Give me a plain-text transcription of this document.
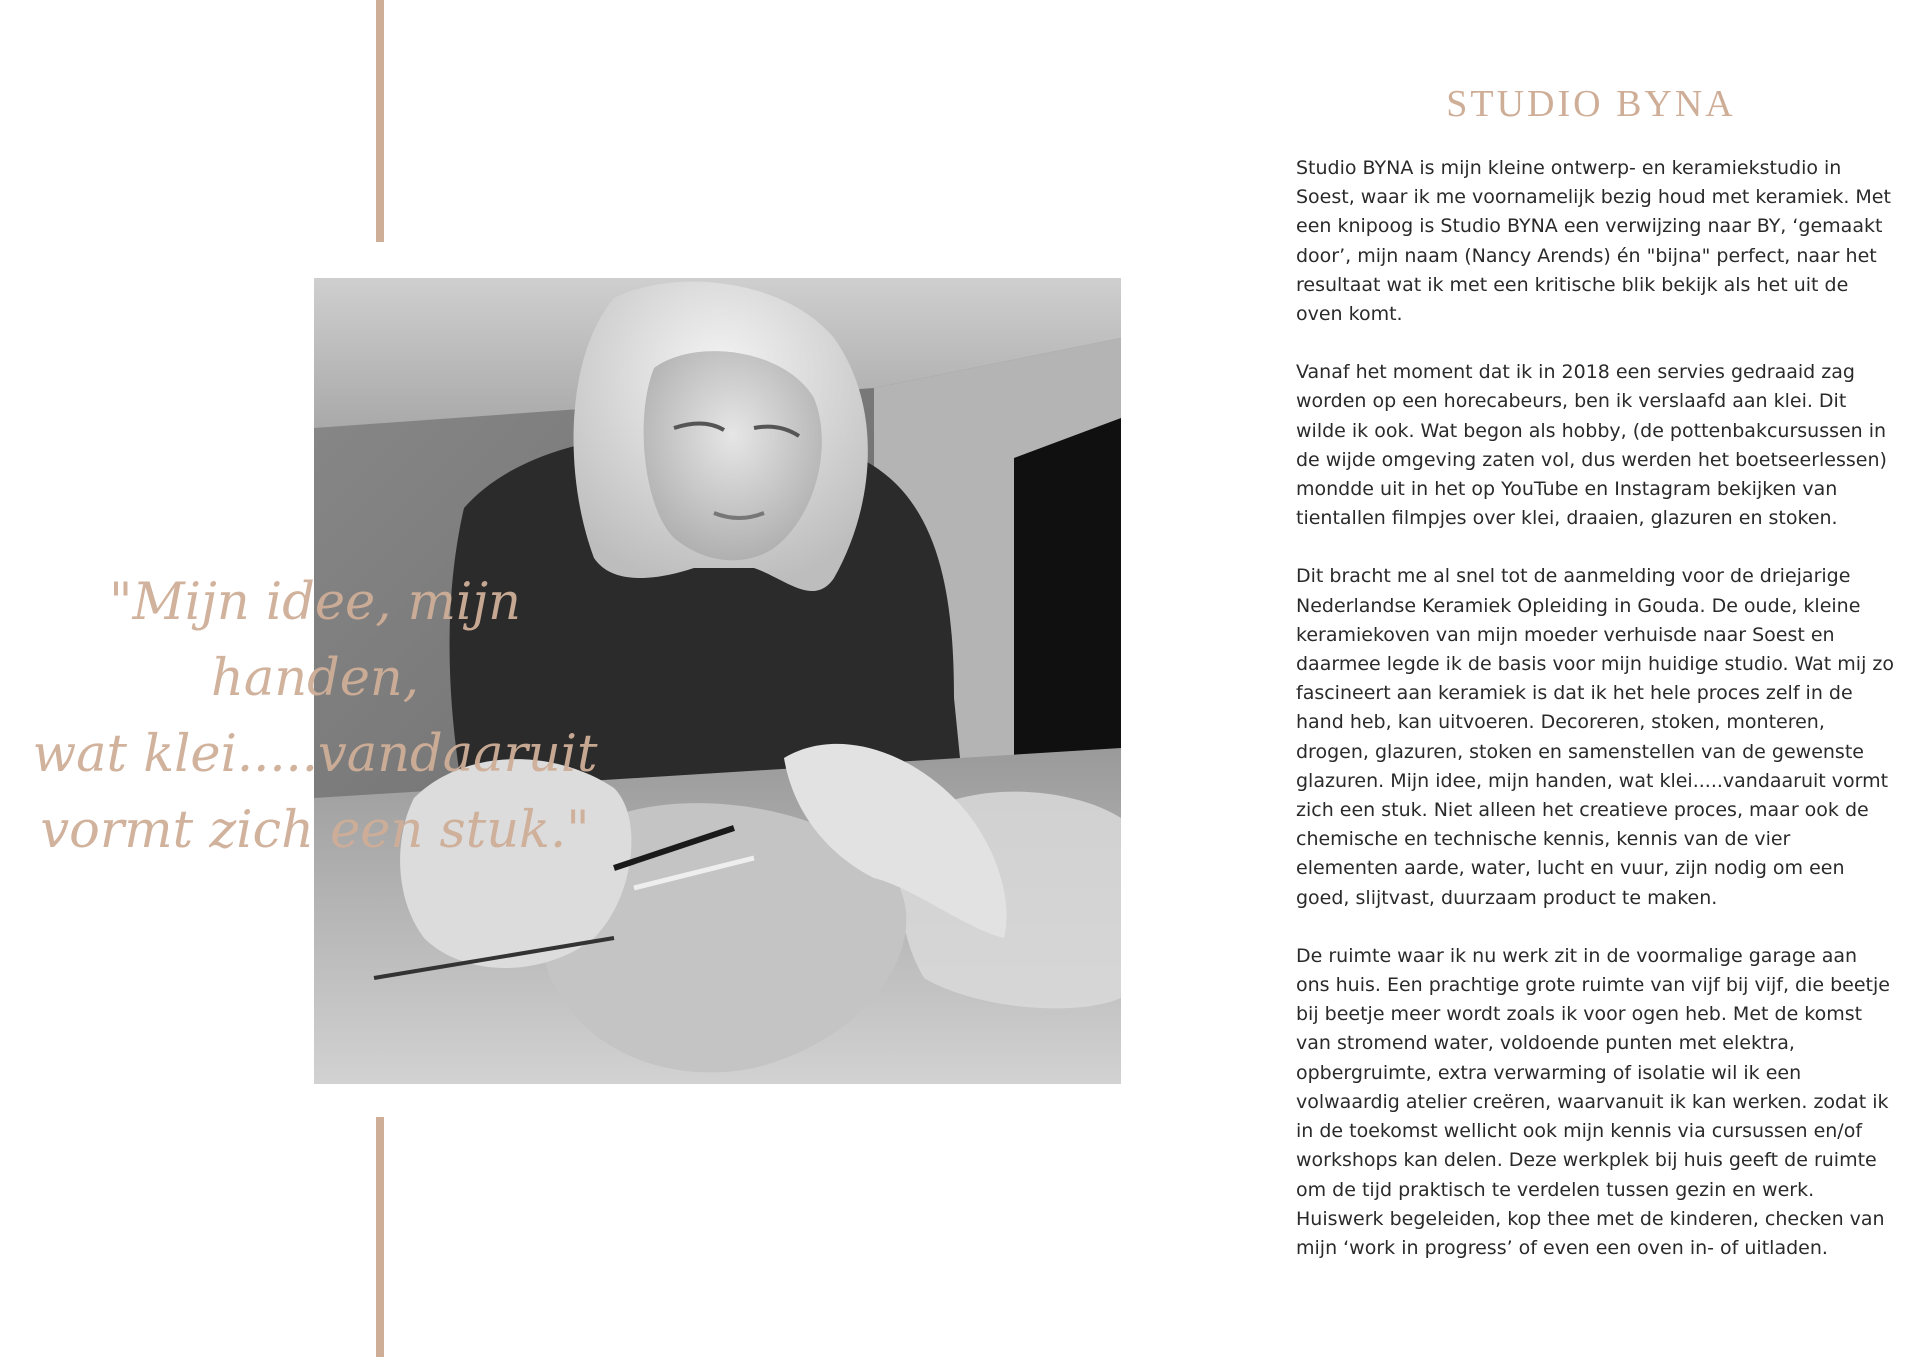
"Mijn idee, mijn handen,
wat klei.....vandaaruit
vormt zich een stuk."
STUDIO BYNA

Studio BYNA is mijn kleine ontwerp- en keramiekstudio in Soest, waar ik me voornamelijk bezig houd met keramiek. Met een knipoog is Studio BYNA een verwijzing naar BY, ‘gemaakt door’, mijn naam (Nancy Arends) én "bijna" perfect, naar het resultaat wat ik met een kritische blik bekijk als het uit de oven komt.

Vanaf het moment dat ik in 2018 een servies gedraaid zag worden op een horecabeurs, ben ik verslaafd aan klei. Dit wilde ik ook. Wat begon als hobby, (de pottenbakcursussen in de wijde omgeving zaten vol, dus werden het boetseerlessen) mondde uit in het op YouTube en Instagram bekijken van tientallen filmpjes over klei, draaien, glazuren en stoken.

Dit bracht me al snel tot de aanmelding voor de driejarige Nederlandse Keramiek Opleiding in Gouda. De oude, kleine keramiekoven van mijn moeder verhuisde naar Soest en daarmee legde ik de basis voor mijn huidige studio. Wat mij zo fascineert aan keramiek is dat ik het hele proces zelf in de hand heb, kan uitvoeren. Decoreren, stoken, monteren, drogen, glazuren, stoken en samenstellen van de gewenste glazuren. Mijn idee, mijn handen, wat klei.....vandaaruit vormt zich een stuk. Niet alleen het creatieve proces, maar ook de chemische en technische kennis, kennis van de vier elementen aarde, water, lucht en vuur, zijn nodig om een goed, slijtvast, duurzaam product te maken.

De ruimte waar ik nu werk zit in de voormalige garage aan ons huis. Een prachtige grote ruimte van vijf bij vijf, die beetje bij beetje meer wordt zoals ik voor ogen heb. Met de komst van stromend water, voldoende punten met elektra, opbergruimte, extra verwarming of isolatie wil ik een volwaardig atelier creëren, waarvanuit ik kan werken. zodat ik in de toekomst wellicht ook mijn kennis via cursussen en/of workshops kan delen. Deze werkplek bij huis geeft de ruimte om de tijd praktisch te verdelen tussen gezin en werk. Huiswerk begeleiden, kop thee met de kinderen, checken van mijn ‘work in progress’ of even een oven in- of uitladen.
